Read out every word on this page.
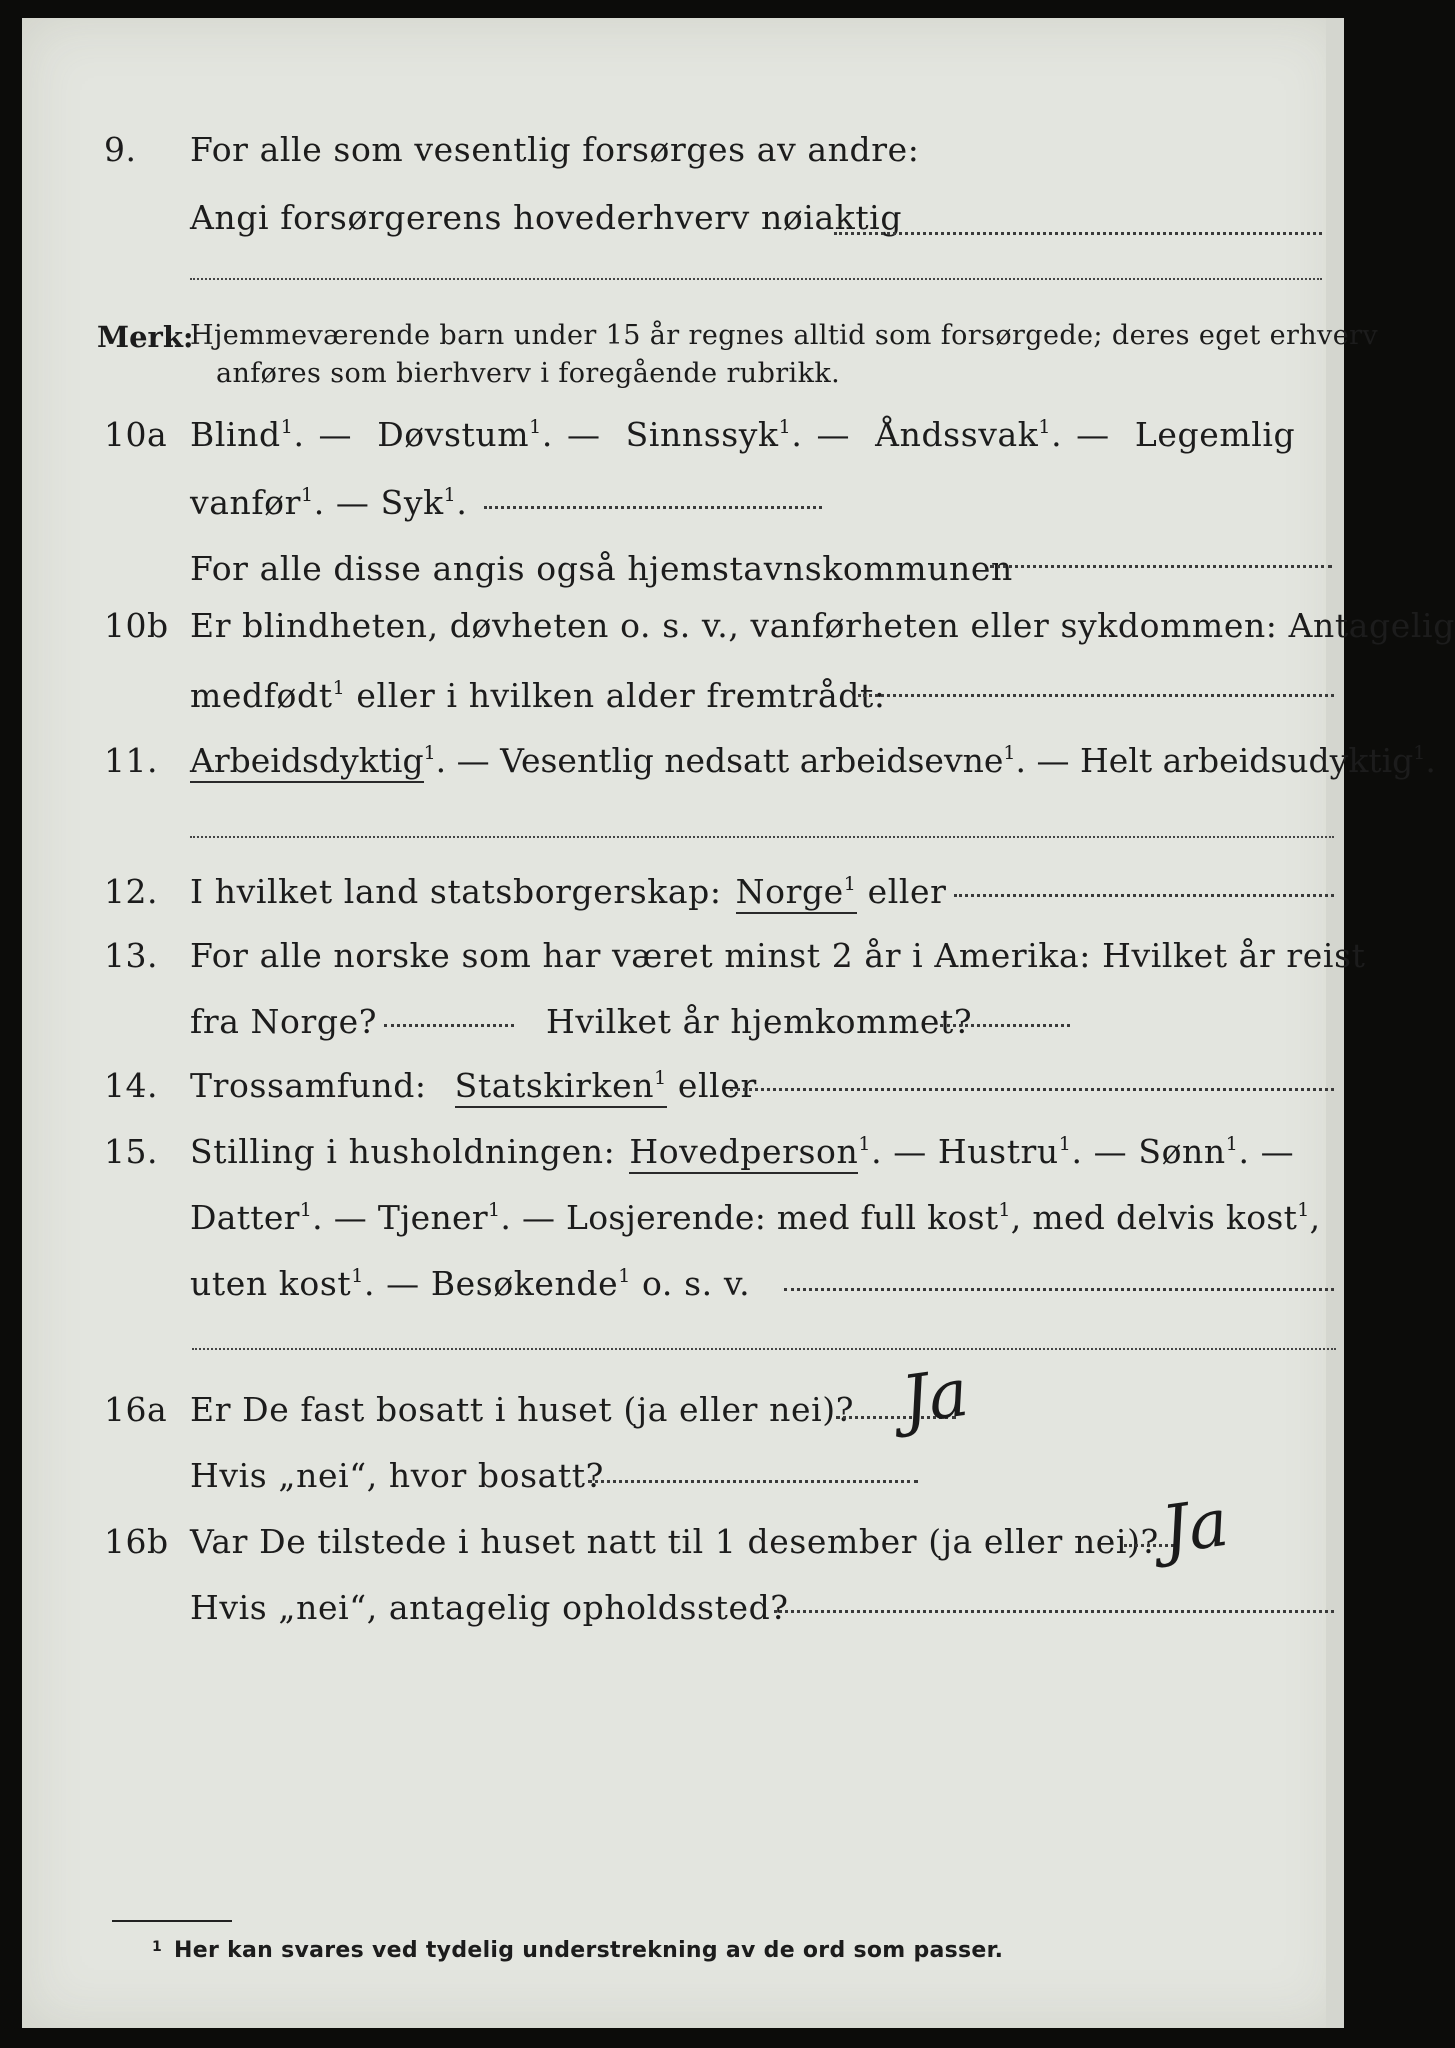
9. For alle som vesentlig forsørges av andre:
Angi forsørgerens hovederhverv nøiaktig
Merk:
Hjemmeværende barn under 15 år regnes alltid som forsørgede; deres eget erhverv
anføres som bierhverv i foregående rubrikk.
10a Blind$^1$. — Døvstum$^1$. — Sinnssyk$^1$. — Åndssvak$^1$. — Legemlig
vanfør$^1$. — Syk$^1$.
For alle disse angis også hjemstavnskommunen
10b Er blindheten, døvheten o. s. v., vanførheten eller sykdommen: Antagelig
medfødt$^1$ eller i hvilken alder fremtrådt:
11. Arbeidsdyktig$^1$. — Vesentlig nedsatt arbeidsevne$^1$. — Helt arbeidsudyktig$^1$.
12. I hvilket land statsborgerskap: Norge$^1$ eller
13. For alle norske som har været minst 2 år i Amerika: Hvilket år reist
fra Norge?	Hvilket år hjemkommet?
14. Trossamfund: Statskirken$^1$ eller
15. Stilling i husholdningen: Hovedperson$^1$. — Hustru$^1$. — Sønn$^1$. —
Datter$^1$. — Tjener$^1$. — Losjerende: med full kost$^1$, med delvis kost$^1$,
uten kost$^1$. — Besøkende$^1$ o. s. v.
16a Er De fast bosatt i huset (ja eller nei)?
Hvis „nei“, hvor bosatt?
Ja
16b Var De tilstede i huset natt til 1 desember (ja eller nei)?
Hvis „nei“, antagelig opholdssted?
Ja
$^1$ Her kan svares ved tydelig understrekning av de ord som passer.
